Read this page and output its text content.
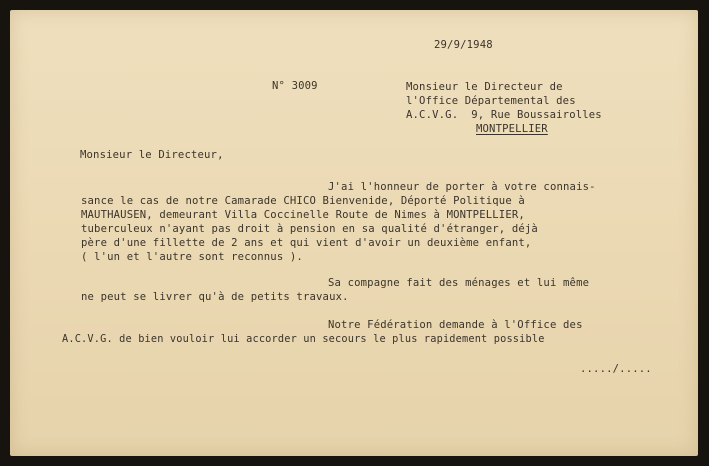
29/9/1948
N° 3009	Monsieur le Directeur de
l'Office Départemental des
A.C.V.G.  9, Rue Boussairolles
MONTPELLIER
Monsieur le Directeur,
J'ai l'honneur de porter à votre connais-
sance le cas de notre Camarade CHICO Bienvenide, Déporté Politique à
MAUTHAUSEN, demeurant Villa Coccinelle Route de Nimes à MONTPELLIER,
tuberculeux n'ayant pas droit à pension en sa qualité d'étranger, déjà
père d'une fillette de 2 ans et qui vient d'avoir un deuxième enfant,
( l'un et l'autre sont reconnus ).
Sa compagne fait des ménages et lui même
ne peut se livrer qu'à de petits travaux.
Notre Fédération demande à l'Office des
A.C.V.G. de bien vouloir lui accorder un secours le plus rapidement possible
...../.....
